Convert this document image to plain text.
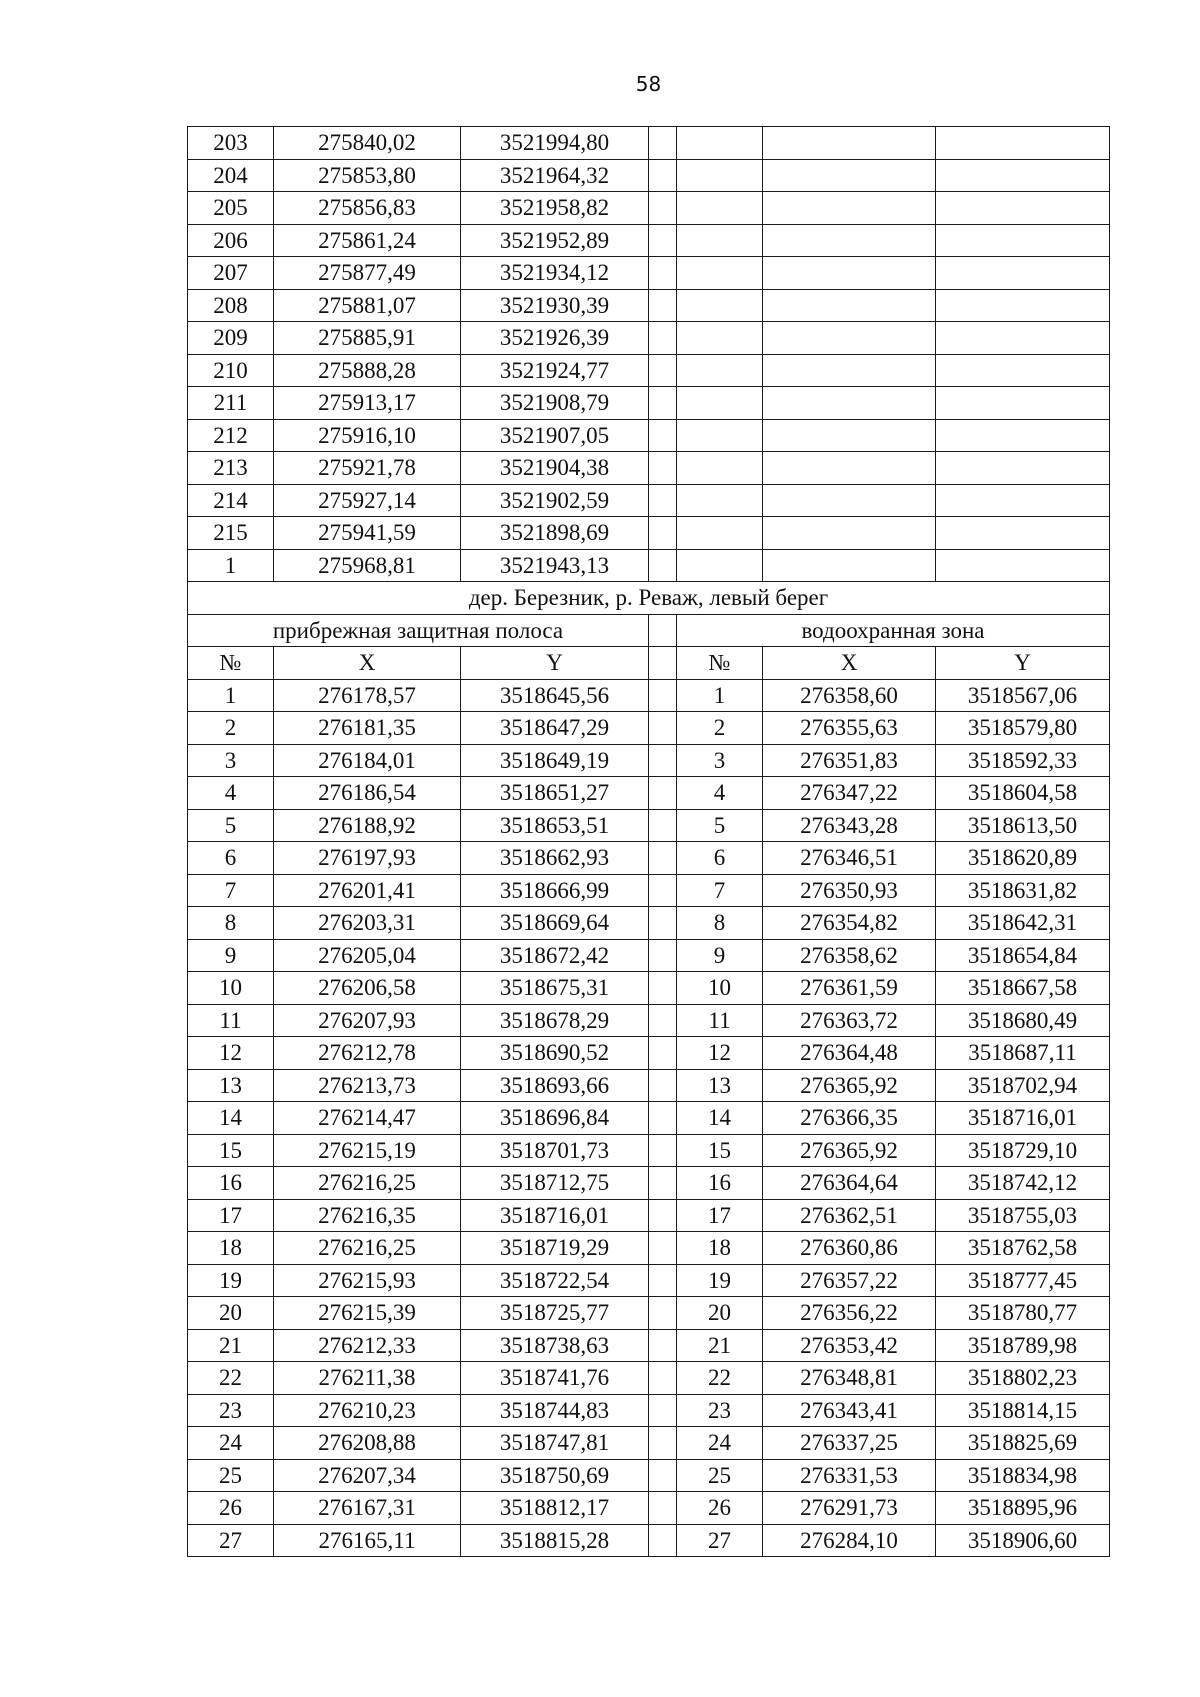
58
203	275840,02	3521994,80				
204	275853,80	3521964,32				
205	275856,83	3521958,82				
206	275861,24	3521952,89				
207	275877,49	3521934,12				
208	275881,07	3521930,39				
209	275885,91	3521926,39				
210	275888,28	3521924,77				
211	275913,17	3521908,79				
212	275916,10	3521907,05				
213	275921,78	3521904,38				
214	275927,14	3521902,59				
215	275941,59	3521898,69				
1	275968,81	3521943,13				
дер. Березник, р. Реваж, левый берег						
прибрежная защитная полоса				водоохранная зона		
№	X	Y		№	X	Y
1	276178,57	3518645,56		1	276358,60	3518567,06
2	276181,35	3518647,29		2	276355,63	3518579,80
3	276184,01	3518649,19		3	276351,83	3518592,33
4	276186,54	3518651,27		4	276347,22	3518604,58
5	276188,92	3518653,51		5	276343,28	3518613,50
6	276197,93	3518662,93		6	276346,51	3518620,89
7	276201,41	3518666,99		7	276350,93	3518631,82
8	276203,31	3518669,64		8	276354,82	3518642,31
9	276205,04	3518672,42		9	276358,62	3518654,84
10	276206,58	3518675,31		10	276361,59	3518667,58
11	276207,93	3518678,29		11	276363,72	3518680,49
12	276212,78	3518690,52		12	276364,48	3518687,11
13	276213,73	3518693,66		13	276365,92	3518702,94
14	276214,47	3518696,84		14	276366,35	3518716,01
15	276215,19	3518701,73		15	276365,92	3518729,10
16	276216,25	3518712,75		16	276364,64	3518742,12
17	276216,35	3518716,01		17	276362,51	3518755,03
18	276216,25	3518719,29		18	276360,86	3518762,58
19	276215,93	3518722,54		19	276357,22	3518777,45
20	276215,39	3518725,77		20	276356,22	3518780,77
21	276212,33	3518738,63		21	276353,42	3518789,98
22	276211,38	3518741,76		22	276348,81	3518802,23
23	276210,23	3518744,83		23	276343,41	3518814,15
24	276208,88	3518747,81		24	276337,25	3518825,69
25	276207,34	3518750,69		25	276331,53	3518834,98
26	276167,31	3518812,17		26	276291,73	3518895,96
27	276165,11	3518815,28		27	276284,10	3518906,60
